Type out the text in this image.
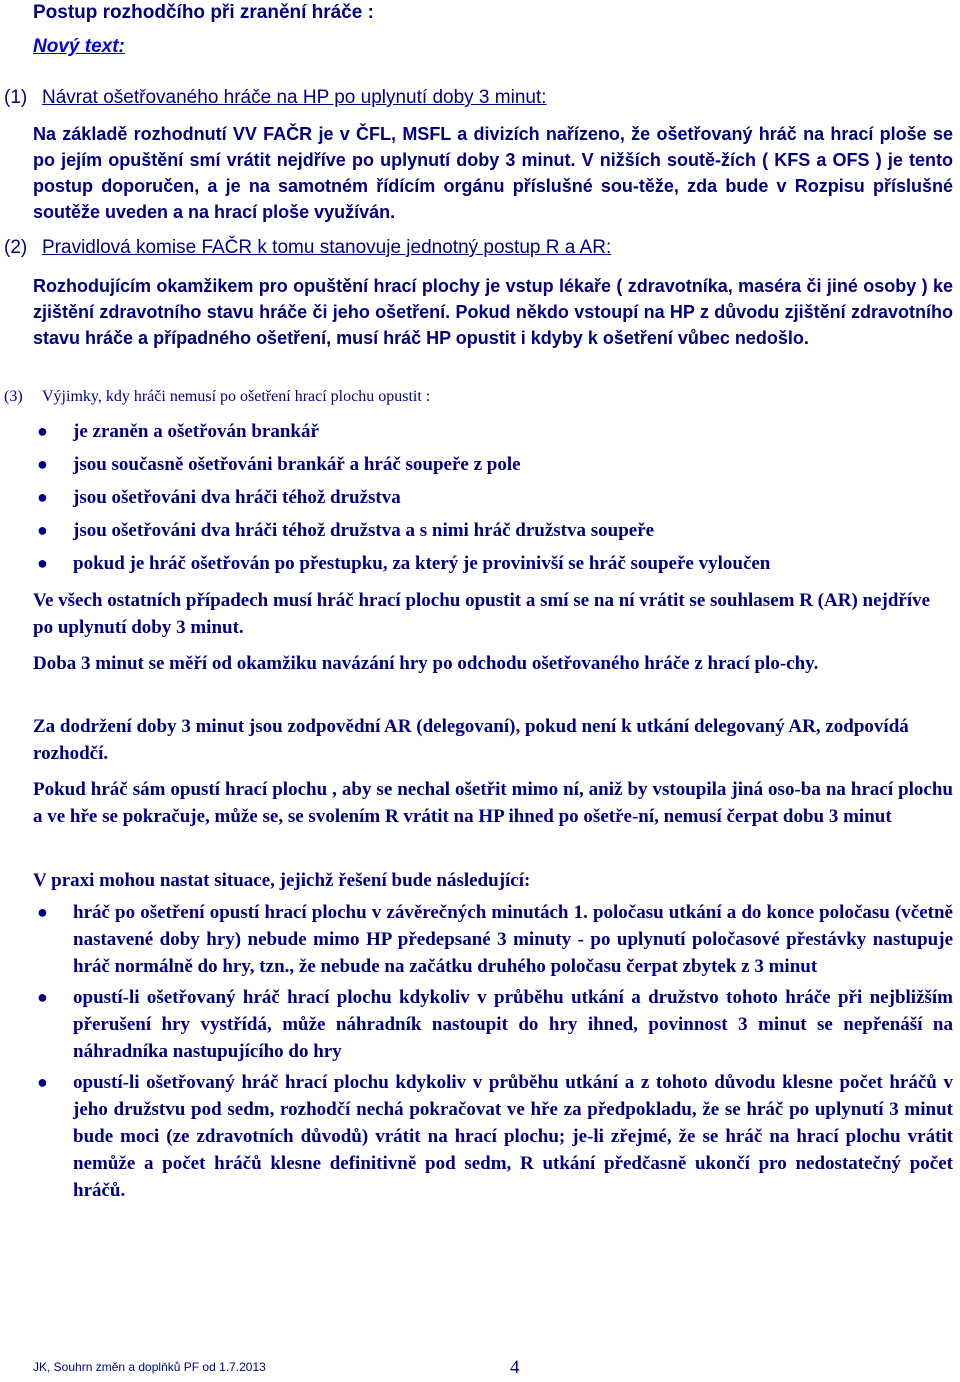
Postup rozhodčího při zranění hráče :
Nový text:
(1) Návrat ošetřovaného hráče na HP po uplynutí doby 3 minut:

Na základě rozhodnutí VV FAČR je v ČFL, MSFL a divizích nařízeno, že ošetřovaný hráč na hrací ploše se po jejím opuštění smí vrátit nejdříve po uplynutí doby 3 minut. V nižších soutě-žích ( KFS a OFS ) je tento postup doporučen, a je na samotném řídícím orgánu příslušné sou-těže, zda bude v Rozpisu příslušné soutěže uveden a na hrací ploše využíván.

(2) Pravidlová komise FAČR k tomu stanovuje jednotný postup R a AR:

Rozhodujícím okamžikem pro opuštění hrací plochy je vstup lékaře ( zdravotníka, maséra či jiné osoby ) ke zjištění zdravotního stavu hráče či jeho ošetření. Pokud někdo vstoupí na HP z důvodu zjištění zdravotního stavu hráče a případného ošetření, musí hráč HP opustit i kdyby k ošetření vůbec nedošlo.

(3) Výjimky, kdy hráči nemusí po ošetření hrací plochu opustit :
● je zraněn a ošetřován brankář
● jsou současně ošetřováni brankář a hráč soupeře z pole
● jsou ošetřováni dva hráči téhož družstva
● jsou ošetřováni dva hráči téhož družstva a s nimi hráč družstva soupeře
● pokud je hráč ošetřován po přestupku, za který je provinivší se hráč soupeře vyloučen

Ve všech ostatních případech musí hráč hrací plochu opustit a smí se na ní vrátit se souhlasem R (AR) nejdříve po uplynutí doby 3 minut.

Doba 3 minut se měří od okamžiku navázání hry po odchodu ošetřovaného hráče z hrací plo-chy.

Za dodržení doby 3 minut jsou zodpovědní AR (delegovaní), pokud není k utkání delegovaný AR, zodpovídá rozhodčí.

Pokud hráč sám opustí hrací plochu , aby se nechal ošetřit mimo ní, aniž by vstoupila jiná oso-ba na hrací plochu a ve hře se pokračuje, může se, se svolením R vrátit na HP ihned po ošetře-ní, nemusí čerpat dobu 3 minut

V praxi mohou nastat situace, jejichž řešení bude následující:

● hráč po ošetření opustí hrací plochu v závěrečných minutách 1. poločasu utkání a do konce poločasu (včetně nastavené doby hry) nebude mimo HP předepsané 3 minuty - po uplynutí poločasové přestávky nastupuje hráč normálně do hry, tzn., že nebude na začátku druhého poločasu čerpat zbytek z 3 minut
● opustí-li ošetřovaný hráč hrací plochu kdykoliv v průběhu utkání a družstvo tohoto hráče při nejbližším přerušení hry vystřídá, může náhradník nastoupit do hry ihned, povinnost 3 minut se nepřenáší na náhradníka nastupujícího do hry
● opustí-li ošetřovaný hráč hrací plochu kdykoliv v průběhu utkání a z tohoto důvodu klesne počet hráčů v jeho družstvu pod sedm, rozhodčí nechá pokračovat ve hře za předpokladu, že se hráč po uplynutí 3 minut bude moci (ze zdravotních důvodů) vrátit na hrací plochu; je-li zřejmé, že se hráč na hrací plochu vrátit nemůže a počet hráčů klesne definitivně pod sedm, R utkání předčasně ukončí pro nedostatečný počet hráčů.
JK, Souhrn změn a doplňků PF od 1.7.2013	4
